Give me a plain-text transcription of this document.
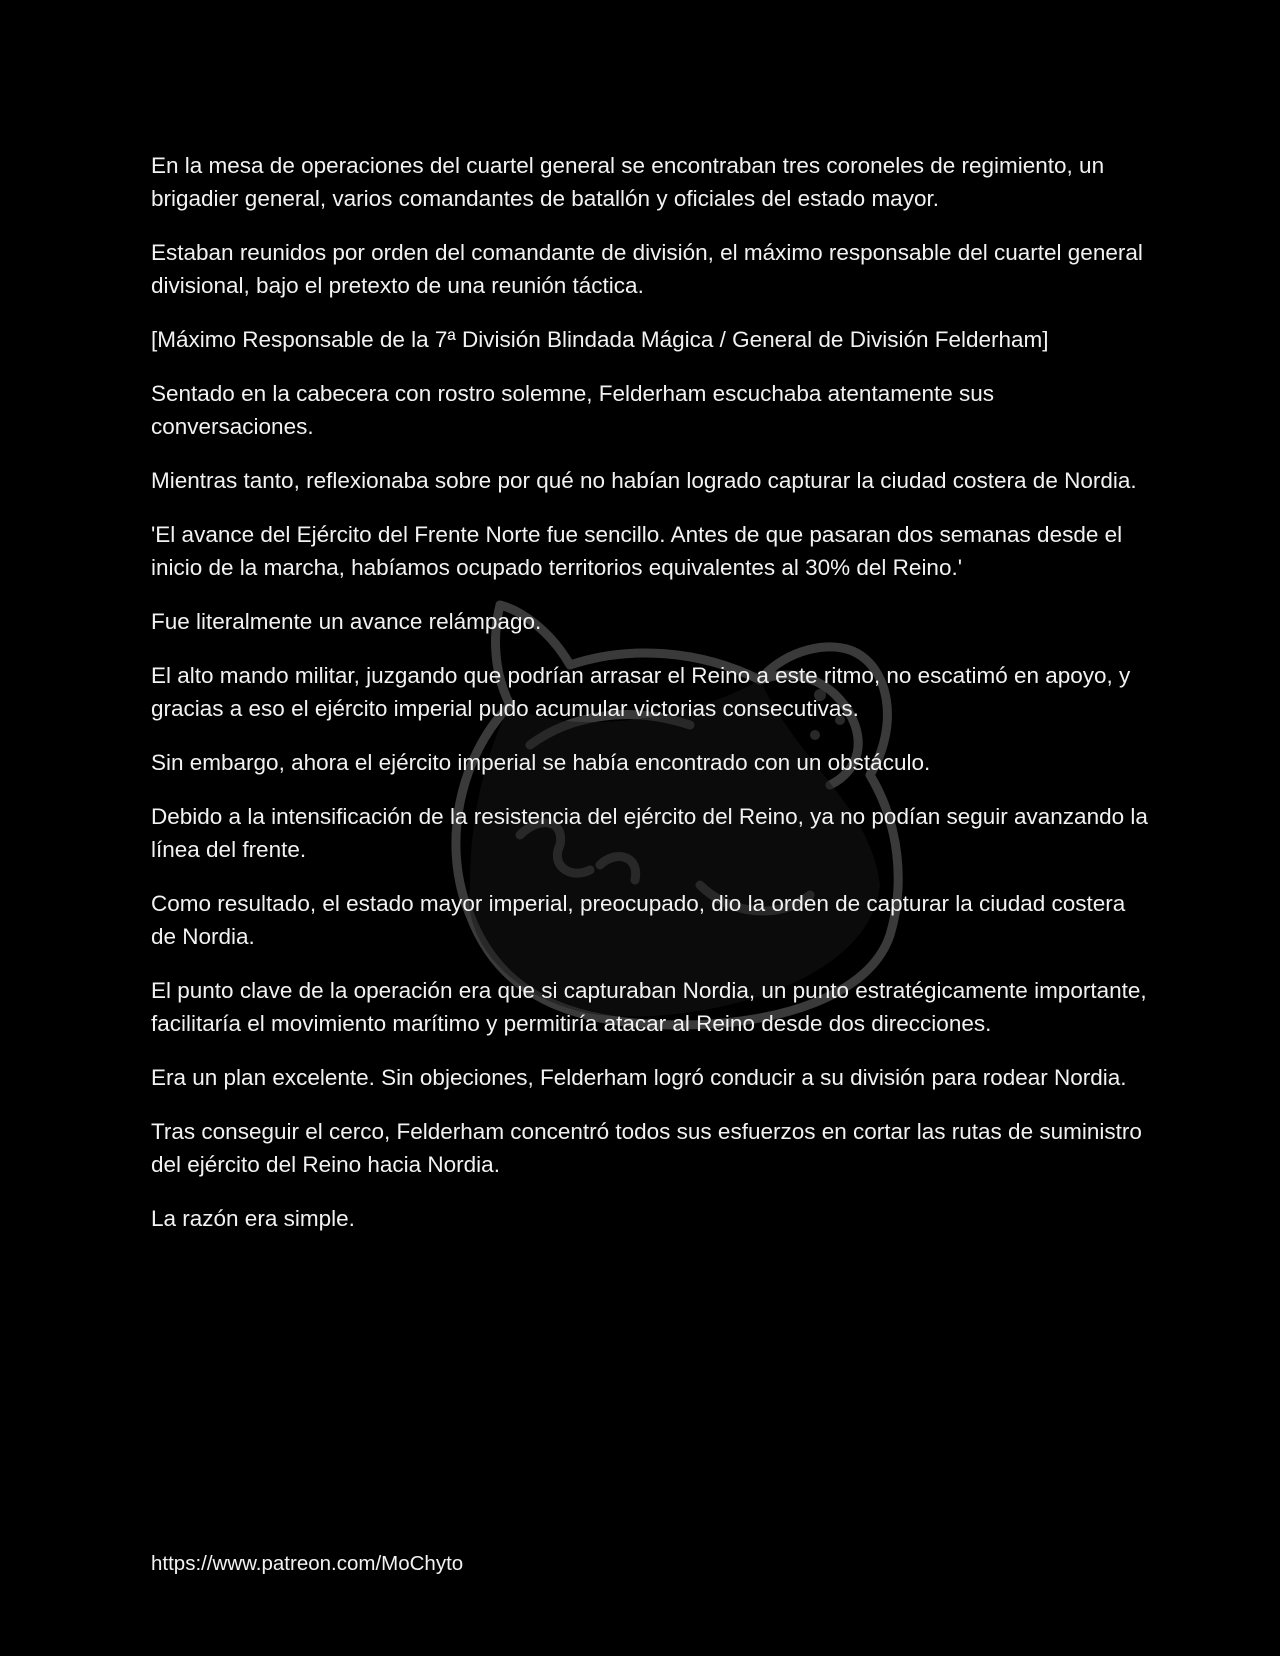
En la mesa de operaciones del cuartel general se encontraban tres coroneles de regimiento, un brigadier general, varios comandantes de batallón y oficiales del estado mayor.

Estaban reunidos por orden del comandante de división, el máximo responsable del cuartel general divisional, bajo el pretexto de una reunión táctica.

[Máximo Responsable de la 7ª División Blindada Mágica / General de División Felderham]

Sentado en la cabecera con rostro solemne, Felderham escuchaba atentamente sus conversaciones.

Mientras tanto, reflexionaba sobre por qué no habían logrado capturar la ciudad costera de Nordia.

'El avance del Ejército del Frente Norte fue sencillo. Antes de que pasaran dos semanas desde el inicio de la marcha, habíamos ocupado territorios equivalentes al 30% del Reino.'

Fue literalmente un avance relámpago.

El alto mando militar, juzgando que podrían arrasar el Reino a este ritmo, no escatimó en apoyo, y gracias a eso el ejército imperial pudo acumular victorias consecutivas.

Sin embargo, ahora el ejército imperial se había encontrado con un obstáculo.

Debido a la intensificación de la resistencia del ejército del Reino, ya no podían seguir avanzando la línea del frente.

Como resultado, el estado mayor imperial, preocupado, dio la orden de capturar la ciudad costera de Nordia.

El punto clave de la operación era que si capturaban Nordia, un punto estratégicamente importante, facilitaría el movimiento marítimo y permitiría atacar al Reino desde dos direcciones.

Era un plan excelente. Sin objeciones, Felderham logró conducir a su división para rodear Nordia.

Tras conseguir el cerco, Felderham concentró todos sus esfuerzos en cortar las rutas de suministro del ejército del Reino hacia Nordia.

La razón era simple.

https://www.patreon.com/MoChyto
